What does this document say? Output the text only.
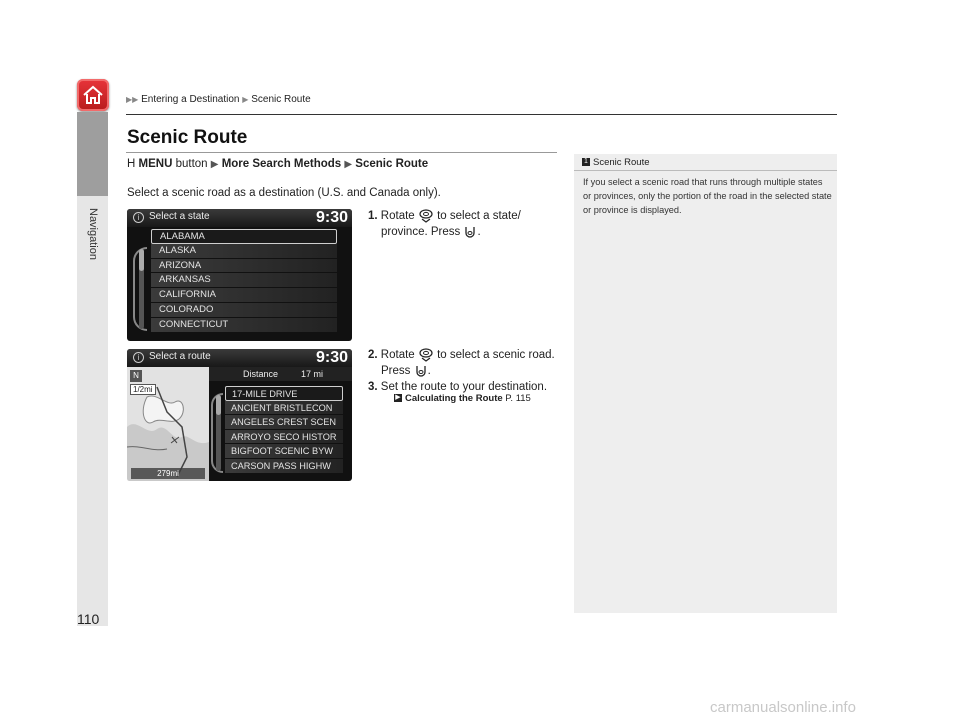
Navigation
▶▶ Entering a Destination ▶ Scenic Route
Scenic Route
H MENU button ▶ More Search Methods ▶ Scenic Route
Select a scenic road as a destination (U.S. and Canada only).
i Select a state	9:30
ALABAMA
ALASKA
ARIZONA
ARKANSAS
CALIFORNIA
COLORADO
CONNECTICUT
i Select a route	9:30
N
1/2mi
279mi
Distance	17 mi
17-MILE DRIVE
ANCIENT BRISTLECON
ANGELES CREST SCEN
ARROYO SECO HISTOR
BIGFOOT SCENIC BYW
CARSON PASS HIGHW
1. Rotate to select a state/
province. Press .
2. Rotate to select a scenic road.
Press .
3. Set the route to your destination.
▶ Calculating the Route P. 115
1 Scenic Route
If you select a scenic road that runs through multiple states or provinces, only the portion of the road in the selected state or province is displayed.
110
carmanualsonline.info
